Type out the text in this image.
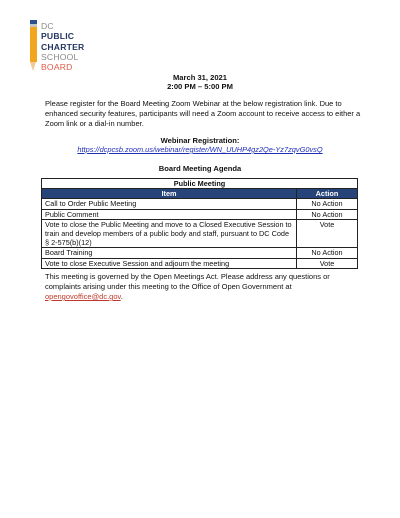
DC
PUBLIC
CHARTER
SCHOOL
BOARD
March 31, 2021
2:00 PM – 5:00 PM
Please register for the Board Meeting Zoom Webinar at the below registration link. Due to enhanced security features, participants will need a Zoom account to receive access to either a Zoom link or a dial-in number.
Webinar Registration:
https://dcpcsb.zoom.us/webinar/register/WN_UUHP4gz2Qe-Yz7zqvG0vsQ
Board Meeting Agenda
Public Meeting	
Item	Action
Call to Order Public Meeting	No Action
Public Comment	No Action
Vote to close the Public Meeting and move to a Closed Executive Session to train and develop members of a public body and staff, pursuant to DC Code § 2-575(b)(12)	Vote
Board Training	No Action
Vote to close Executive Session and adjourn the meeting	Vote
This meeting is governed by the Open Meetings Act. Please address any questions or complaints arising under this meeting to the Office of Open Government at opengovoffice@dc.gov.
